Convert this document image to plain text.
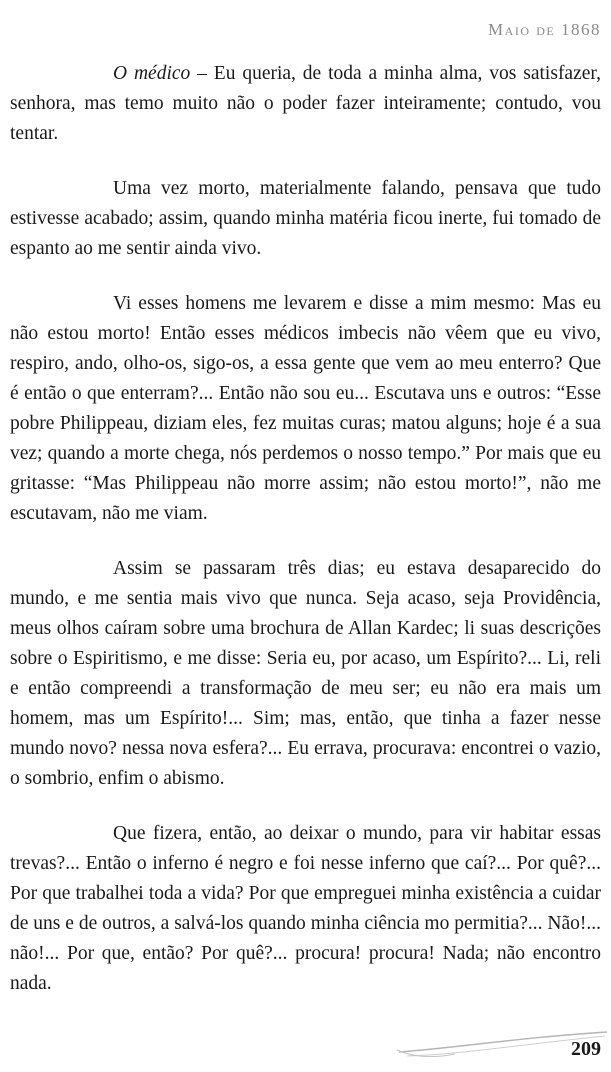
Maio de 1868

O médico – Eu queria, de toda a minha alma, vos satisfazer, senhora, mas temo muito não o poder fazer inteiramente; contudo, vou tentar.

Uma vez morto, materialmente falando, pensava que tudo estivesse acabado; assim, quando minha matéria ficou inerte, fui tomado de espanto ao me sentir ainda vivo.

Vi esses homens me levarem e disse a mim mesmo: Mas eu não estou morto! Então esses médicos imbecis não vêem que eu vivo, respiro, ando, olho-os, sigo-os, a essa gente que vem ao meu enterro? Que é então o que enterram?... Então não sou eu... Escutava uns e outros: “Esse pobre Philippeau, diziam eles, fez muitas curas; matou alguns; hoje é a sua vez; quando a morte chega, nós perdemos o nosso tempo.” Por mais que eu gritasse: “Mas Philippeau não morre assim; não estou morto!”, não me escutavam, não me viam.

Assim se passaram três dias; eu estava desaparecido do mundo, e me sentia mais vivo que nunca. Seja acaso, seja Providência, meus olhos caíram sobre uma brochura de Allan Kardec; li suas descrições sobre o Espiritismo, e me disse: Seria eu, por acaso, um Espírito?... Li, reli e então compreendi a transformação de meu ser; eu não era mais um homem, mas um Espírito!... Sim; mas, então, que tinha a fazer nesse mundo novo? nessa nova esfera?... Eu errava, procurava: encontrei o vazio, o sombrio, enfim o abismo.

Que fizera, então, ao deixar o mundo, para vir habitar essas trevas?... Então o inferno é negro e foi nesse inferno que caí?... Por quê?... Por que trabalhei toda a vida? Por que empreguei minha existência a cuidar de uns e de outros, a salvá-los quando minha ciência mo permitia?... Não!... não!... Por que, então? Por quê?... procura! procura! Nada; não encontro nada.

209
